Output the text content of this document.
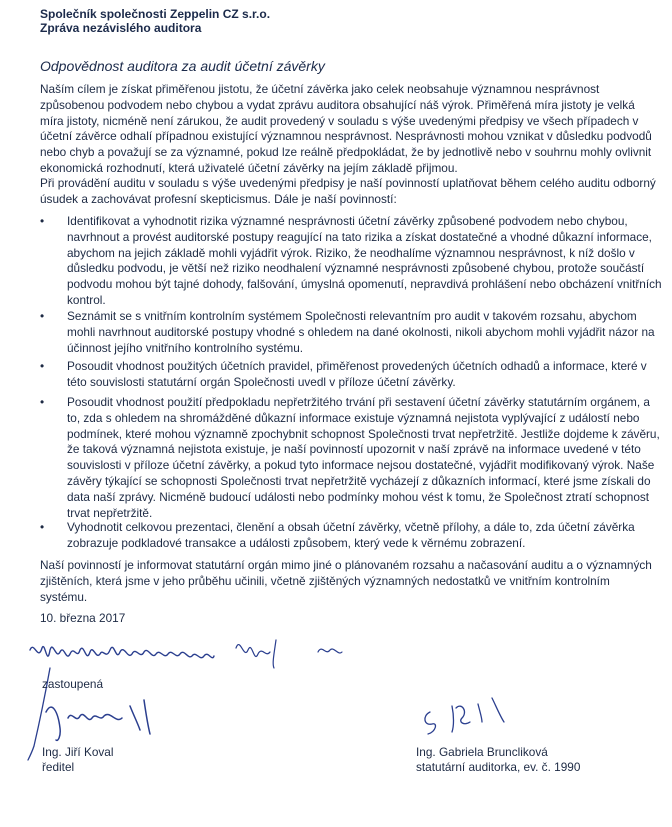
Společník společnosti Zeppelin CZ s.r.o.
Zpráva nezávislého auditora
Odpovědnost auditora za audit účetní závěrky

Naším cílem je získat přiměřenou jistotu, že účetní závěrka jako celek neobsahuje významnou nesprávnost způsobenou podvodem nebo chybou a vydat zprávu auditora obsahující náš výrok. Přiměřená míra jistoty je velká míra jistoty, nicméně není zárukou, že audit provedený v souladu s výše uvedenými předpisy ve všech případech v účetní závěrce odhalí případnou existující významnou nesprávnost. Nesprávnosti mohou vznikat v důsledku podvodů nebo chyb a považují se za významné, pokud lze reálně předpokládat, že by jednotlivě nebo v souhrnu mohly ovlivnit ekonomická rozhodnutí, která uživatelé účetní závěrky na jejím základě přijmou.

Při provádění auditu v souladu s výše uvedenými předpisy je naší povinností uplatňovat během celého auditu odborný úsudek a zachovávat profesní skepticismus. Dále je naší povinností:

•	Identifikovat a vyhodnotit rizika významné nesprávnosti účetní závěrky způsobené podvodem nebo chybou, navrhnout a provést auditorské postupy reagující na tato rizika a získat dostatečné a vhodné důkazní informace, abychom na jejich základě mohli vyjádřit výrok. Riziko, že neodhalíme významnou nesprávnost, k níž došlo v důsledku podvodu, je větší než riziko neodhalení významné nesprávnosti způsobené chybou, protože součástí podvodu mohou být tajné dohody, falšování, úmyslná opomenutí, nepravdivá prohlášení nebo obcházení vnitřních kontrol.
•	Seznámit se s vnitřním kontrolním systémem Společnosti relevantním pro audit v takovém rozsahu, abychom mohli navrhnout auditorské postupy vhodné s ohledem na dané okolnosti, nikoli abychom mohli vyjádřit názor na účinnost jejího vnitřního kontrolního systému.
•	Posoudit vhodnost použitých účetních pravidel, přiměřenost provedených účetních odhadů a informace, které v této souvislosti statutární orgán Společnosti uvedl v příloze účetní závěrky.
•	Posoudit vhodnost použití předpokladu nepřetržitého trvání při sestavení účetní závěrky statutárním orgánem, a to, zda s ohledem na shromážděné důkazní informace existuje významná nejistota vyplývající z událostí nebo podmínek, které mohou významně zpochybnit schopnost Společnosti trvat nepřetržitě. Jestliže dojdeme k závěru, že taková významná nejistota existuje, je naší povinností upozornit v naší zprávě na informace uvedené v této souvislosti v příloze účetní závěrky, a pokud tyto informace nejsou dostatečné, vyjádřit modifikovaný výrok. Naše závěry týkající se schopnosti Společnosti trvat nepřetržitě vycházejí z důkazních informací, které jsme získali do data naší zprávy. Nicméně budoucí události nebo podmínky mohou vést k tomu, že Společnost ztratí schopnost trvat nepřetržitě.
•	Vyhodnotit celkovou prezentaci, členění a obsah účetní závěrky, včetně přílohy, a dále to, zda účetní závěrka zobrazuje podkladové transakce a události způsobem, který vede k věrnému zobrazení.

Naší povinností je informovat statutární orgán mimo jiné o plánovaném rozsahu a načasování auditu a o významných zjištěních, která jsme v jeho průběhu učinili, včetně zjištěných významných nedostatků ve vnitřním kontrolním systému.

10. března 2017
zastoupená
Ing. Jiří Koval
ředitel
Ing. Gabriela Bruncliková
statutární auditorka, ev. č. 1990
